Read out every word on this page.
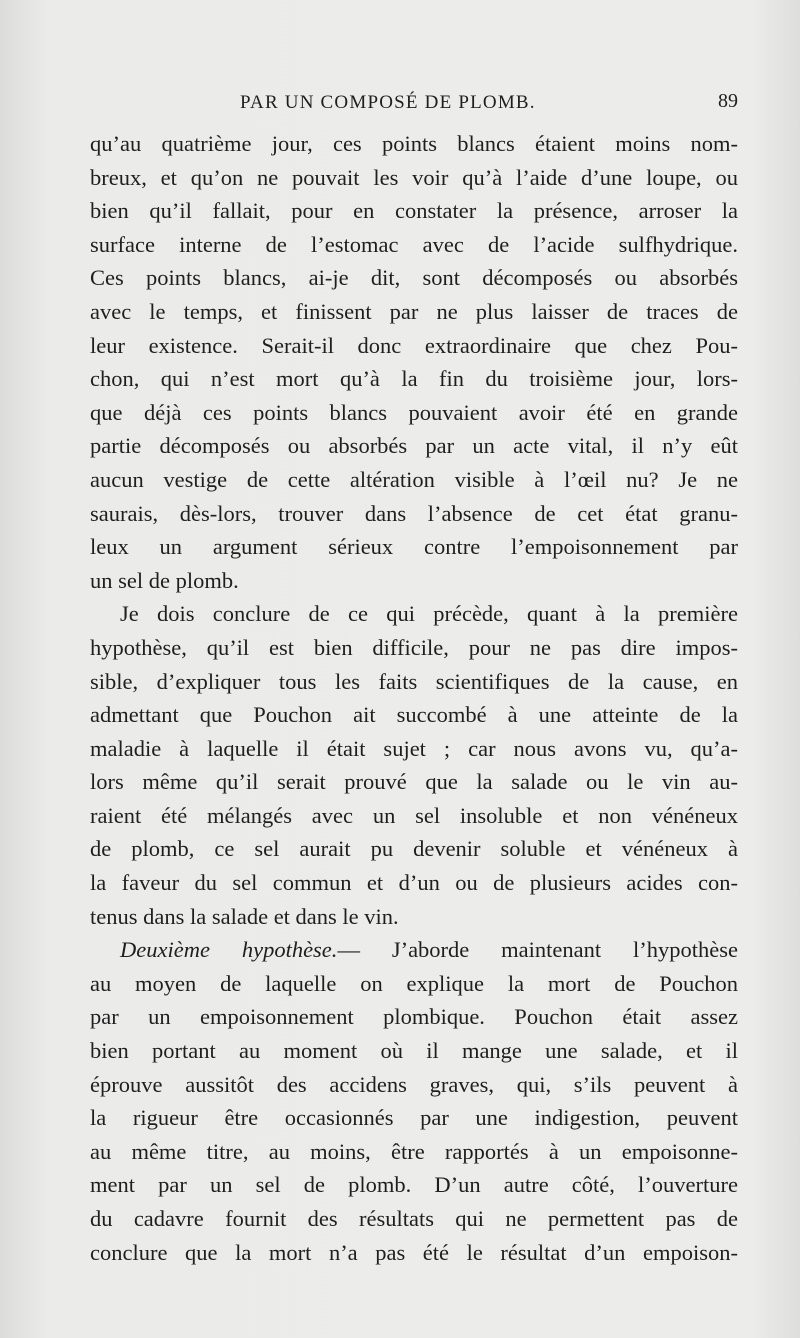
PAR UN COMPOSÉ DE PLOMB.	89
qu’au quatrième jour, ces points blancs étaient moins nom-
breux, et qu’on ne pouvait les voir qu’à l’aide d’une loupe, ou
bien qu’il fallait, pour en constater la présence, arroser la
surface interne de l’estomac avec de l’acide sulfhydrique.
Ces points blancs, ai-je dit, sont décomposés ou absorbés
avec le temps, et finissent par ne plus laisser de traces de
leur existence. Serait-il donc extraordinaire que chez Pou-
chon, qui n’est mort qu’à la fin du troisième jour, lors-
que déjà ces points blancs pouvaient avoir été en grande
partie décomposés ou absorbés par un acte vital, il n’y eût
aucun vestige de cette altération visible à l’œil nu? Je ne
saurais, dès-lors, trouver dans l’absence de cet état granu-
leux un argument sérieux contre l’empoisonnement par
un sel de plomb.
Je dois conclure de ce qui précède, quant à la première
hypothèse, qu’il est bien difficile, pour ne pas dire impos-
sible, d’expliquer tous les faits scientifiques de la cause, en
admettant que Pouchon ait succombé à une atteinte de la
maladie à laquelle il était sujet ; car nous avons vu, qu’a-
lors même qu’il serait prouvé que la salade ou le vin au-
raient été mélangés avec un sel insoluble et non vénéneux
de plomb, ce sel aurait pu devenir soluble et vénéneux à
la faveur du sel commun et d’un ou de plusieurs acides con-
tenus dans la salade et dans le vin.
Deuxième hypothèse.— J’aborde maintenant l’hypothèse
au moyen de laquelle on explique la mort de Pouchon
par un empoisonnement plombique. Pouchon était assez
bien portant au moment où il mange une salade, et il
éprouve aussitôt des accidens graves, qui, s’ils peuvent à
la rigueur être occasionnés par une indigestion, peuvent
au même titre, au moins, être rapportés à un empoisonne-
ment par un sel de plomb. D’un autre côté, l’ouverture
du cadavre fournit des résultats qui ne permettent pas de
conclure que la mort n’a pas été le résultat d’un empoison-
